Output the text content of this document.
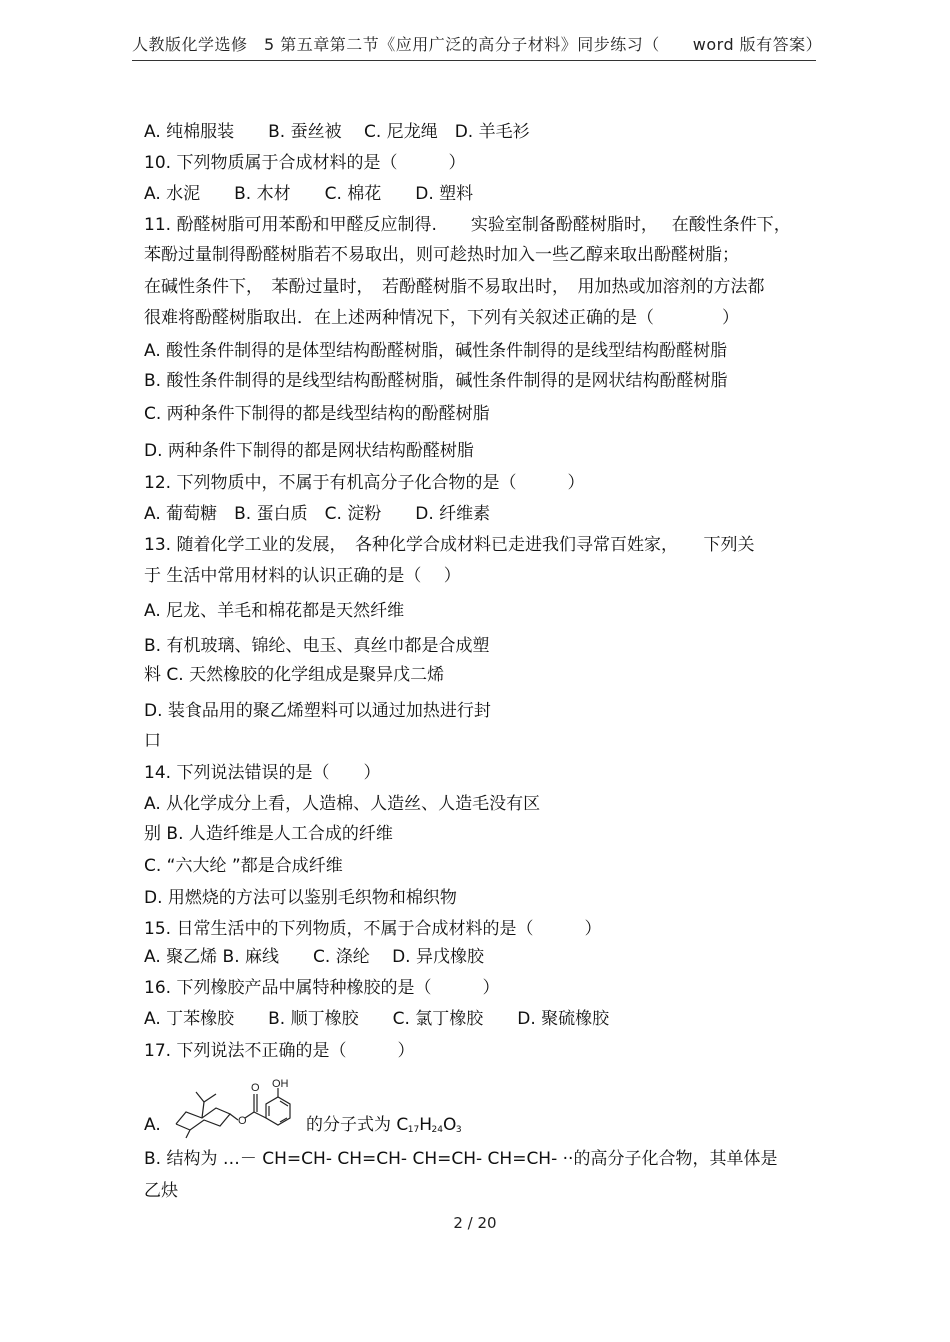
人教版化学选修　5 第五章第二节《应用广泛的高分子材料》同步练习（　　word 版有答案）
A. 纯棉服装　　B. 蚕丝被　 C. 尼龙绳　D. 羊毛衫
10. 下列物质属于合成材料的是（　　　）
A. 水泥　　B. 木材　　C. 棉花　　D. 塑料
11. 酚醛树脂可用苯酚和甲醛反应制得.　　实验室制备酚醛树脂时，　 在酸性条件下，
苯酚过量制得酚醛树脂若不易取出，则可趁热时加入一些乙醇来取出酚醛树脂；
在碱性条件下，　苯酚过量时，　若酚醛树脂不易取出时，　用加热或加溶剂的方法都
很难将酚醛树脂取出．在上述两种情况下，下列有关叙述正确的是（　　　　）
A. 酸性条件制得的是体型结构酚醛树脂，碱性条件制得的是线型结构酚醛树脂
B. 酸性条件制得的是线型结构酚醛树脂，碱性条件制得的是网状结构酚醛树脂
C. 两种条件下制得的都是线型结构的酚醛树脂
D. 两种条件下制得的都是网状结构酚醛树脂
12. 下列物质中，不属于有机高分子化合物的是（　　　）
A. 葡萄糖　B. 蛋白质　C. 淀粉　　D. 纤维素
13. 随着化学工业的发展，　各种化学合成材料已走进我们寻常百姓家，　　下列关
于 生活中常用材料的认识正确的是（　 ）
A. 尼龙、羊毛和棉花都是天然纤维
B. 有机玻璃、锦纶、电玉、真丝巾都是合成塑
料 C. 天然橡胶的化学组成是聚异戊二烯
D. 装食品用的聚乙烯塑料可以通过加热进行封
口
14. 下列说法错误的是（　　）
A. 从化学成分上看，人造棉、人造丝、人造毛没有区
别 B. 人造纤维是人工合成的纤维
C. “六大纶 ”都是合成纤维
D. 用燃烧的方法可以鉴别毛织物和棉织物
15. 日常生活中的下列物质，不属于合成材料的是（　　　）
A. 聚乙烯 B. 麻线　　C. 涤纶　 D. 异戊橡胶
16. 下列橡胶产品中属特种橡胶的是（　　　）
A. 丁苯橡胶　　B. 顺丁橡胶　　C. 氯丁橡胶　　D. 聚硫橡胶
17. 下列说法不正确的是（　　　）
A.
O
O
OH
的分子式为 $C_{17}H_{24}O_3$
B. 结构为 …－ CH=CH- CH=CH- CH=CH- CH=CH- ··的高分子化合物，其单体是
乙炔
2 / 20
